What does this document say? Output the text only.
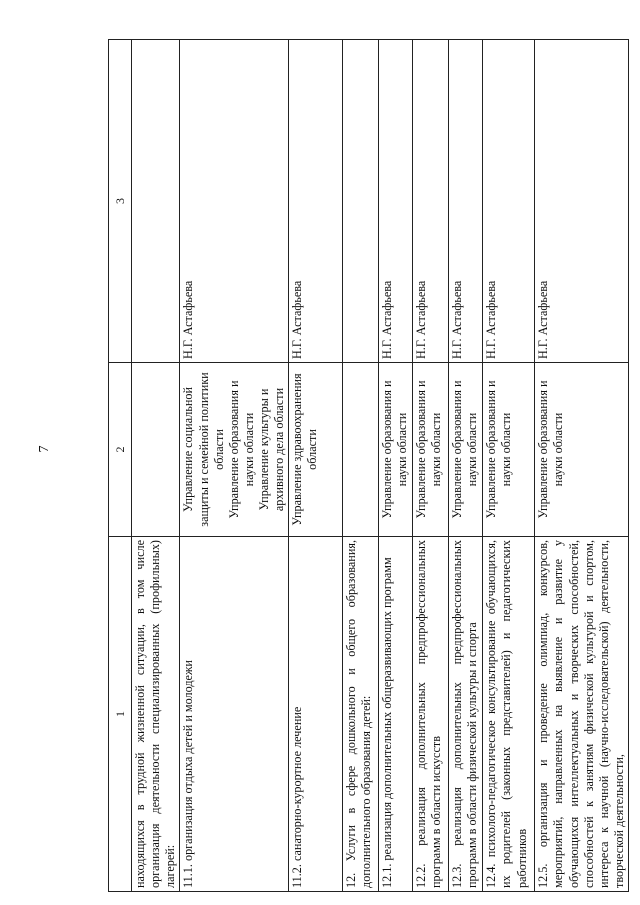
7
1	2	3
находящихся в трудной жизненной ситуации, в том числе организация деятельности специализированных (профильных) лагерей:		
11.1. организация отдыха детей и молодежи	Управление социальной защиты и семейной политики области Управление образования и науки области Управление культуры и архивного дела области	Н.Г. Астафьева
11.2. санаторно-курортное лечение	Управление здравоохранения области	Н.Г. Астафьева
12. Услуги в сфере дошкольного и общего образования, дополнительного образования детей:		
12.1. реализация дополнительных общеразвивающих программ	Управление образования и науки области	Н.Г. Астафьева
12.2. реализация дополнительных предпрофессиональных программ в области искусств	Управление образования и науки области	Н.Г. Астафьева
12.3. реализация дополнительных предпрофессиональных программ в области физической культуры и спорта	Управление образования и науки области	Н.Г. Астафьева
12.4. психолого-педагогическое консультирование обучающихся, их родителей (законных представителей) и педагогических работников	Управление образования и науки области	Н.Г. Астафьева
12.5. организация и проведение олимпиад, конкурсов, мероприятий, направленных на выявление и развитие у обучающихся интеллектуальных и творческих способностей, способностей к занятиям физической культурой и спортом, интереса к научной (научно-исследовательской) деятельности, творческой деятельности,	Управление образования и науки области	Н.Г. Астафьева
